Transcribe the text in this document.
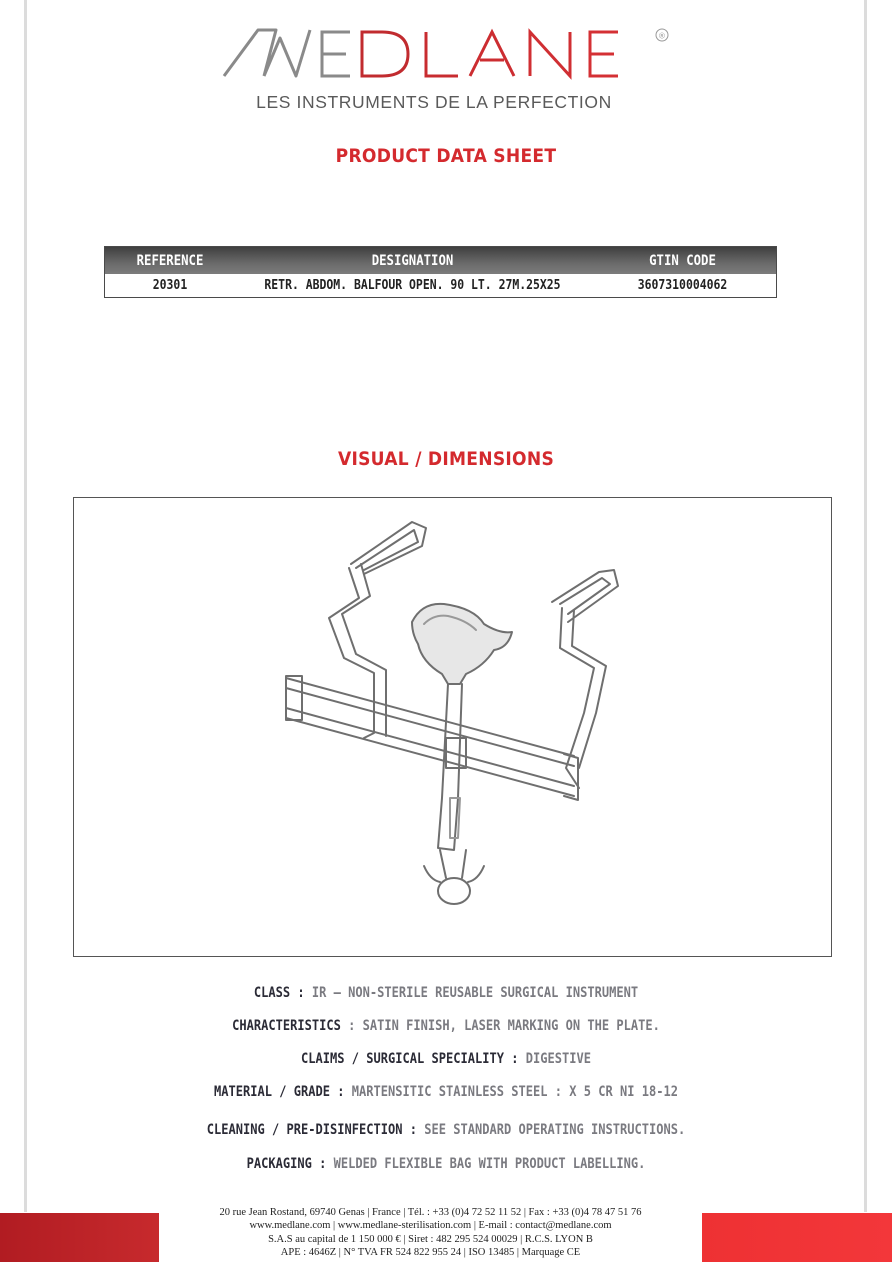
®
LES INSTRUMENTS DE LA PERFECTION
PRODUCT DATA SHEET
REFERENCE	DESIGNATION	GTIN CODE
20301	RETR. ABDOM. BALFOUR OPEN. 90 LT. 27M.25X25	3607310004062
VISUAL / DIMENSIONS
CLASS : IR – NON-STERILE REUSABLE SURGICAL INSTRUMENT
CHARACTERISTICS : SATIN FINISH, LASER MARKING ON THE PLATE.
CLAIMS / SURGICAL SPECIALITY : DIGESTIVE
MATERIAL / GRADE : MARTENSITIC STAINLESS STEEL : X 5 CR NI 18-12
CLEANING / PRE-DISINFECTION : SEE STANDARD OPERATING INSTRUCTIONS.
PACKAGING : WELDED FLEXIBLE BAG WITH PRODUCT LABELLING.
20 rue Jean Rostand, 69740 Genas | France | Tél. : +33 (0)4 72 52 11 52 | Fax : +33 (0)4 78 47 51 76
www.medlane.com | www.medlane-sterilisation.com | E-mail : contact@medlane.com
S.A.S au capital de 1 150 000 € | Siret : 482 295 524 00029 | R.C.S. LYON B
APE : 4646Z | N° TVA FR 524 822 955 24 | ISO 13485 | Marquage CE
